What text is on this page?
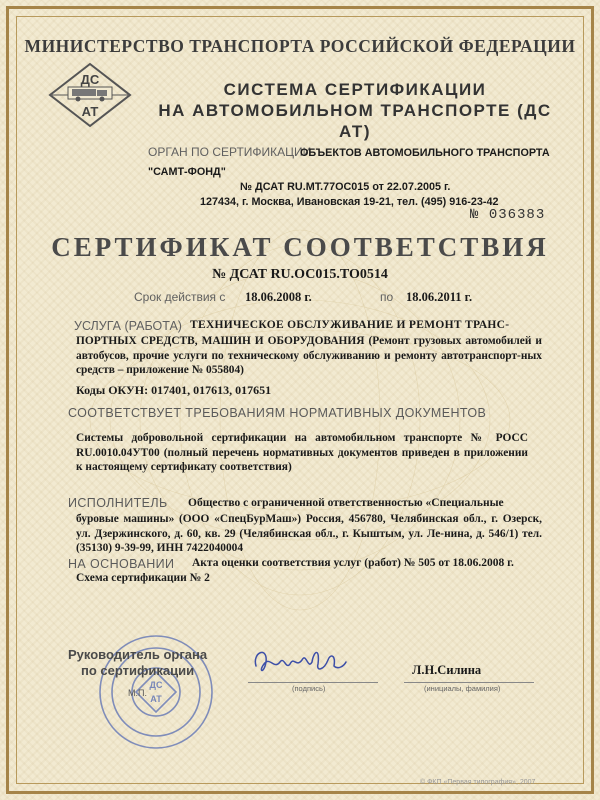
МИНИСТЕРСТВО ТРАНСПОРТА РОССИЙСКОЙ ФЕДЕРАЦИИ
ДС
АТ
СИСТЕМА СЕРТИФИКАЦИИ
НА АВТОМОБИЛЬНОМ ТРАНСПОРТЕ (ДС АТ)
ОРГАН ПО СЕРТИФИКАЦИИ
ОБЪЕКТОВ АВТОМОБИЛЬНОГО ТРАНСПОРТА
"САМТ-ФОНД"
№ ДСАТ RU.MT.77ОС015 от 22.07.2005 г.
127434, г. Москва, Ивановская 19-21, тел. (495) 916-23-42
№ 036383
СЕРТИФИКАТ СООТВЕТСТВИЯ
№ ДСАТ RU.ОС015.ТО0514
Срок действия с 18.06.2008 г.	по 18.06.2011 г.
УСЛУГА (РАБОТА) ТЕХНИЧЕСКОЕ ОБСЛУЖИВАНИЕ И РЕМОНТ ТРАНС-
ПОРТНЫХ СРЕДСТВ, МАШИН И ОБОРУДОВАНИЯ (Ремонт грузовых автомобилей и автобусов, прочие услуги по техническому обслуживанию и ремонту автотранспорт-ных средств – приложение № 055804)
Коды ОКУН: 017401, 017613, 017651
СООТВЕТСТВУЕТ ТРЕБОВАНИЯМ НОРМАТИВНЫХ ДОКУМЕНТОВ
Системы добровольной сертификации на автомобильном транспорте № РОСС RU.0010.04УТ00 (полный перечень нормативных документов приведен в приложении к настоящему сертификату соответствия)
ИСПОЛНИТЕЛЬ Общество с ограниченной ответственностью «Специальные
буровые машины» (ООО «СпецБурМаш») Россия, 456780, Челябинская обл., г. Озерск, ул. Дзержинского, д. 60, кв. 29 (Челябинская обл., г. Кыштым, ул. Ле-нина, д. 546/1) тел. (35130) 9-39-99, ИНН 7422040004
НА ОСНОВАНИИ Акта оценки соответствия услуг (работ) № 505 от 18.06.2008 г.
Схема сертификации № 2
ДС
АТ
Руководитель органа
по сертификации
М.П.	(подпись)
Л.Н.Силина
(инициалы, фамилия)
© ФКП «Первая типография», 2007
